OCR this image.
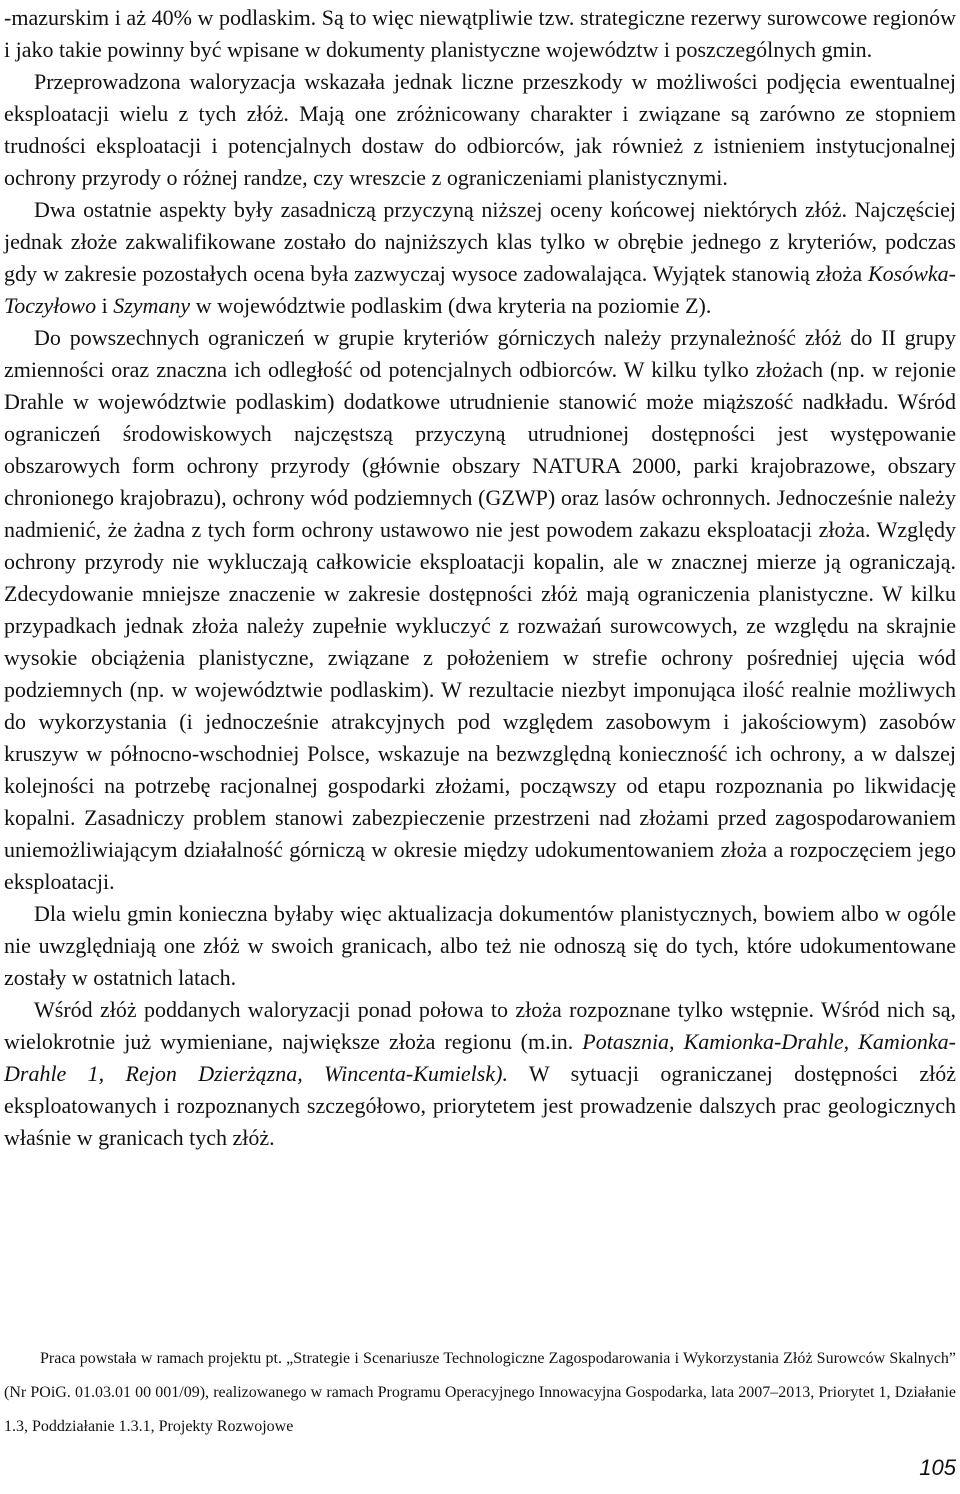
-mazurskim i aż 40% w podlaskim. Są to więc niewątpliwie tzw. strategiczne rezerwy surowcowe regionów i jako takie powinny być wpisane w dokumenty planistyczne województw i poszczególnych gmin.

Przeprowadzona waloryzacja wskazała jednak liczne przeszkody w możliwości podjęcia ewentualnej eksploatacji wielu z tych złóż. Mają one zróżnicowany charakter i związane są zarówno ze stopniem trudności eksploatacji i potencjalnych dostaw do odbiorców, jak również z istnieniem instytucjonalnej ochrony przyrody o różnej randze, czy wreszcie z ograniczeniami planistycznymi.

Dwa ostatnie aspekty były zasadniczą przyczyną niższej oceny końcowej niektórych złóż. Najczęściej jednak złoże zakwalifikowane zostało do najniższych klas tylko w obrębie jednego z kryteriów, podczas gdy w zakresie pozostałych ocena była zazwyczaj wysoce zadowalająca. Wyjątek stanowią złoża Kosówka-Toczyłowo i Szymany w województwie podlaskim (dwa kryteria na poziomie Z).

Do powszechnych ograniczeń w grupie kryteriów górniczych należy przynależność złóż do II grupy zmienności oraz znaczna ich odległość od potencjalnych odbiorców. W kilku tylko złożach (np. w rejonie Drahle w województwie podlaskim) dodatkowe utrudnienie stanowić może miąższość nadkładu. Wśród ograniczeń środowiskowych najczęstszą przyczyną utrudnionej dostępności jest występowanie obszarowych form ochrony przyrody (głównie obszary NATURA 2000, parki krajobrazowe, obszary chronionego krajobrazu), ochrony wód podziemnych (GZWP) oraz lasów ochronnych. Jednocześnie należy nadmienić, że żadna z tych form ochrony ustawowo nie jest powodem zakazu eksploatacji złoża. Względy ochrony przyrody nie wykluczają całkowicie eksploatacji kopalin, ale w znacznej mierze ją ograniczają. Zdecydowanie mniejsze znaczenie w zakresie dostępności złóż mają ograniczenia planistyczne. W kilku przypadkach jednak złoża należy zupełnie wykluczyć z rozważań surowcowych, ze względu na skrajnie wysokie obciążenia planistyczne, związane z położeniem w strefie ochrony pośredniej ujęcia wód podziemnych (np. w województwie podlaskim). W rezultacie niezbyt imponująca ilość realnie możliwych do wykorzystania (i jednocześnie atrakcyjnych pod względem zasobowym i jakościowym) zasobów kruszyw w północno-wschodniej Polsce, wskazuje na bezwzględną konieczność ich ochrony, a w dalszej kolejności na potrzebę racjonalnej gospodarki złożami, począwszy od etapu rozpoznania po likwidację kopalni. Zasadniczy problem stanowi zabezpieczenie przestrzeni nad złożami przed zagospodarowaniem uniemożliwiającym działalność górniczą w okresie między udokumentowaniem złoża a rozpoczęciem jego eksploatacji.

Dla wielu gmin konieczna byłaby więc aktualizacja dokumentów planistycznych, bowiem albo w ogóle nie uwzględniają one złóż w swoich granicach, albo też nie odnoszą się do tych, które udokumentowane zostały w ostatnich latach.

Wśród złóż poddanych waloryzacji ponad połowa to złoża rozpoznane tylko wstępnie. Wśród nich są, wielokrotnie już wymieniane, największe złoża regionu (m.in. Potasznia, Kamionka-Drahle, Kamionka-Drahle 1, Rejon Dzierżązna, Wincenta-Kumielsk). W sytuacji ograniczanej dostępności złóż eksploatowanych i rozpoznanych szczegółowo, priorytetem jest prowadzenie dalszych prac geologicznych właśnie w granicach tych złóż.

Praca powstała w ramach projektu pt. „Strategie i Scenariusze Technologiczne Zagospodarowania i Wykorzystania Złóż Surowców Skalnych” (Nr POiG. 01.03.01 00 001/09), realizowanego w ramach Programu Operacyjnego Innowacyjna Gospodarka, lata 2007–2013, Priorytet 1, Działanie 1.3, Poddziałanie 1.3.1, Projekty Rozwojowe

105
